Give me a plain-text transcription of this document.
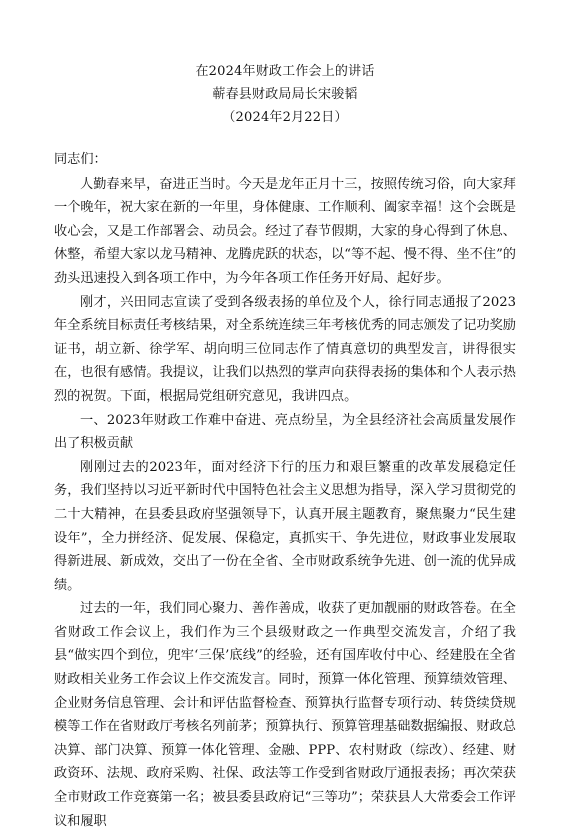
在2024年财政工作会上的讲话
蕲春县财政局局长宋骏韬
（2024年2月22日）

同志们：

人勤春来早，奋进正当时。今天是龙年正月十三，按照传统习俗，向大家拜一个晚年，祝大家在新的一年里，身体健康、工作顺利、阖家幸福！这个会既是收心会，又是工作部署会、动员会。经过了春节假期，大家的身心得到了休息、休整，希望大家以龙马精神、龙腾虎跃的状态，以“等不起、慢不得、坐不住”的劲头迅速投入到各项工作中，为今年各项工作任务开好局、起好步。

刚才，兴田同志宣读了受到各级表扬的单位及个人，徐行同志通报了2023年全系统目标责任考核结果，对全系统连续三年考核优秀的同志颁发了记功奖励证书，胡立新、徐学军、胡向明三位同志作了情真意切的典型发言，讲得很实在，也很有感情。我提议，让我们以热烈的掌声向获得表扬的集体和个人表示热烈的祝贺。下面，根据局党组研究意见，我讲四点。

一、2023年财政工作难中奋进、亮点纷呈，为全县经济社会高质量发展作出了积极贡献

刚刚过去的2023年，面对经济下行的压力和艰巨繁重的改革发展稳定任务，我们坚持以习近平新时代中国特色社会主义思想为指导，深入学习贯彻党的二十大精神，在县委县政府坚强领导下，认真开展主题教育，聚焦聚力“民生建设年”，全力拼经济、促发展、保稳定，真抓实干、争先进位，财政事业发展取得新进展、新成效，交出了一份在全省、全市财政系统争先进、创一流的优异成绩。

过去的一年，我们同心聚力、善作善成，收获了更加靓丽的财政答卷。在全省财政工作会议上，我们作为三个县级财政之一作典型交流发言，介绍了我县“做实四个到位，兜牢‘三保’底线”的经验，还有国库收付中心、经建股在全省财政相关业务工作会议上作交流发言。同时，预算一体化管理、预算绩效管理、企业财务信息管理、会计和评估监督检查、预算执行监督专项行动、转贷续贷规模等工作在省财政厅考核名列前茅；预算执行、预算管理基础数据编报、财政总决算、部门决算、预算一体化管理、金融、PPP、农村财政（综改）、经建、财政资环、法规、政府采购、社保、政法等工作受到省财政厅通报表扬；再次荣获全市财政工作竞赛第一名；被县委县政府记“三等功”；荣获县人大常委会工作评议和履职
